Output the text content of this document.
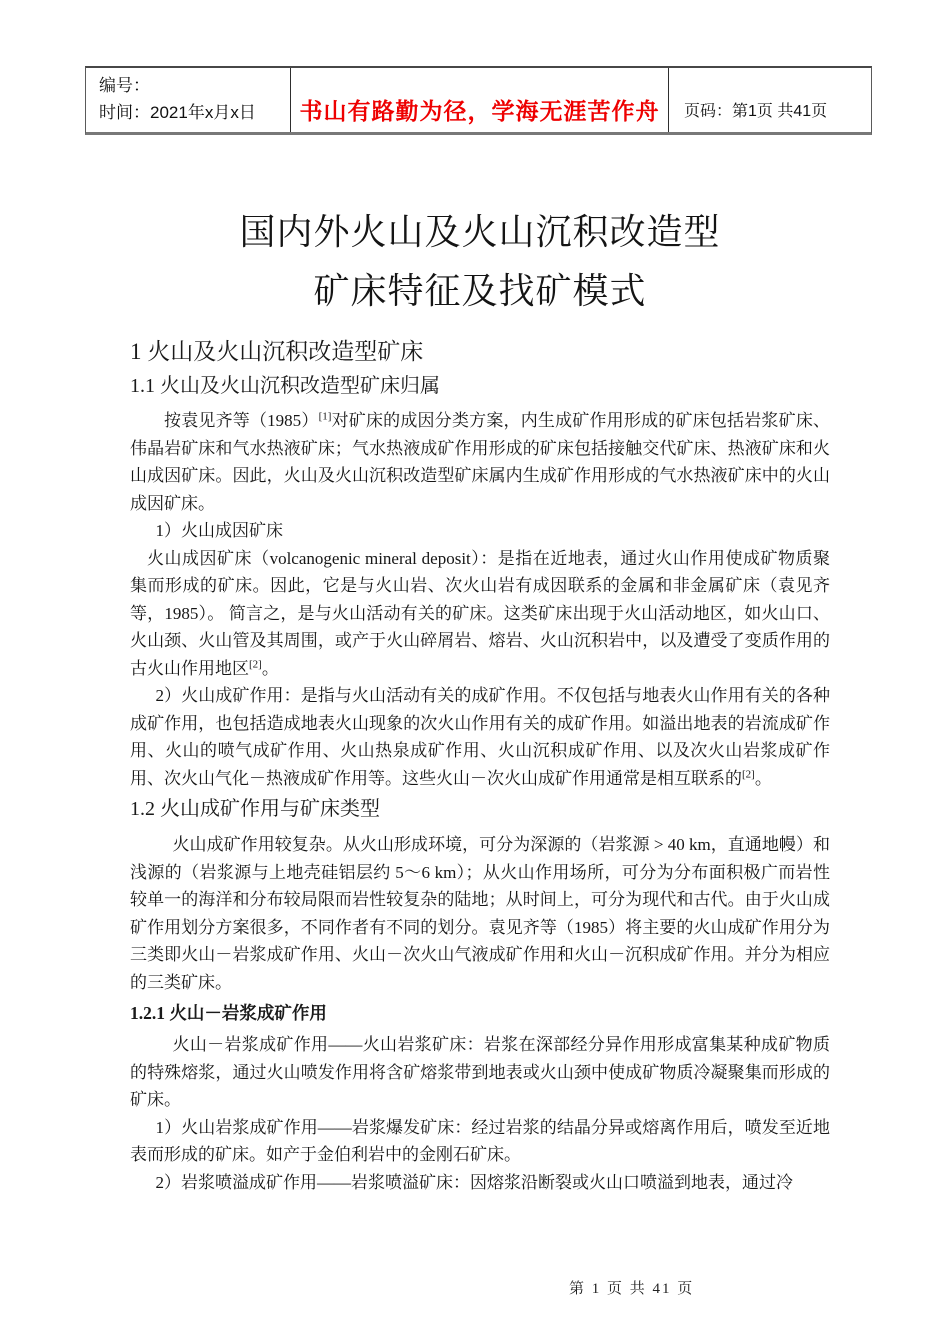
编号：
时间：2021年x月x日	书山有路勤为径，学海无涯苦作舟 页码：第1页 共41页
国内外火山及火山沉积改造型
矿床特征及找矿模式
1 火山及火山沉积改造型矿床
1.1 火山及火山沉积改造型矿床归属

按袁见齐等（1985）[1]对矿床的成因分类方案，内生成矿作用形成的矿床包括岩浆矿床、伟晶岩矿床和气水热液矿床；气水热液成矿作用形成的矿床包括接触交代矿床、热液矿床和火山成因矿床。因此，火山及火山沉积改造型矿床属内生成矿作用形成的气水热液矿床中的火山成因矿床。

1）火山成因矿床

火山成因矿床（volcanogenic mineral deposit）：是指在近地表，通过火山作用使成矿物质聚集而形成的矿床。因此，它是与火山岩、次火山岩有成因联系的金属和非金属矿床（袁见齐等，1985）。 简言之，是与火山活动有关的矿床。这类矿床出现于火山活动地区，如火山口、火山颈、火山管及其周围，或产于火山碎屑岩、熔岩、火山沉积岩中，以及遭受了变质作用的古火山作用地区[2]。

2）火山成矿作用：是指与火山活动有关的成矿作用。不仅包括与地表火山作用有关的各种成矿作用，也包括造成地表火山现象的次火山作用有关的成矿作用。如溢出地表的岩流成矿作用、火山的喷气成矿作用、火山热泉成矿作用、火山沉积成矿作用、以及次火山岩浆成矿作用、次火山气化－热液成矿作用等。这些火山－次火山成矿作用通常是相互联系的[2]。

1.2 火山成矿作用与矿床类型

火山成矿作用较复杂。从火山形成环境，可分为深源的（岩浆源 > 40 km，直通地幔）和浅源的（岩浆源与上地壳硅铝层约 5～6 km）；从火山作用场所，可分为分布面积极广而岩性较单一的海洋和分布较局限而岩性较复杂的陆地；从时间上，可分为现代和古代。由于火山成矿作用划分方案很多，不同作者有不同的划分。袁见齐等（1985）将主要的火山成矿作用分为三类即火山－岩浆成矿作用、火山－次火山气液成矿作用和火山－沉积成矿作用。并分为相应的三类矿床。

1.2.1 火山－岩浆成矿作用

火山－岩浆成矿作用——火山岩浆矿床：岩浆在深部经分异作用形成富集某种成矿物质的特殊熔浆，通过火山喷发作用将含矿熔浆带到地表或火山颈中使成矿物质冷凝聚集而形成的矿床。

1）火山岩浆成矿作用——岩浆爆发矿床：经过岩浆的结晶分异或熔离作用后，喷发至近地表而形成的矿床。如产于金伯利岩中的金刚石矿床。

2）岩浆喷溢成矿作用——岩浆喷溢矿床：因熔浆沿断裂或火山口喷溢到地表，通过冷

第 1 页 共 41 页
